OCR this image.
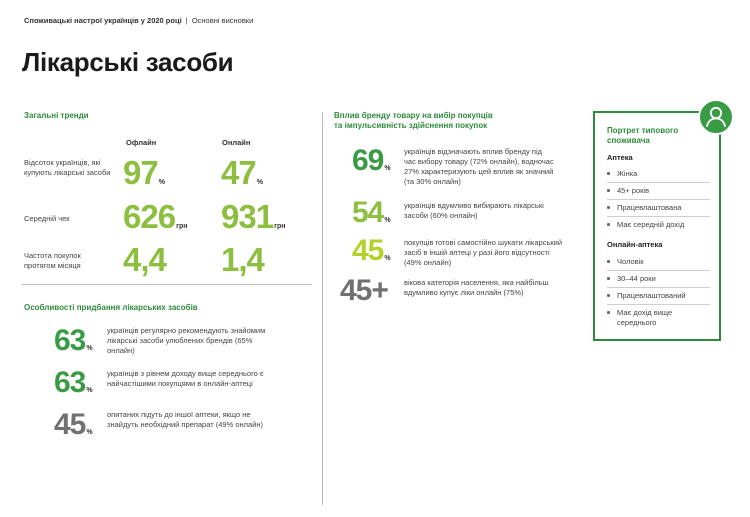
Споживацькі настрої українців у 2020 році | Основні висновки
Лікарські засоби
Загальні тренди
Офлайн	Онлайн
Відсоток українців, які купують лікарські засоби 97% 47%
Середній чек	626грн 931грн
Частота покупок протягом місяця	4,4 1,4
Особливості придбання лікарських засобів
63%
українців регулярно рекомендують знайомим лікарські засоби улюблених брендів (65% онлайн)
63%
українців з рівнем доходу вище середнього є найчастішими покупцями в онлайн-аптеці
45%
опитаних підуть до іншої аптеки, якщо не знайдуть необхідний препарат (49% онлайн)
Вплив бренду товару на вибір покупців
та імпульсивність здійснення покупок
69%
українців відзначають вплив бренду під час вибору товару (72% онлайн), водночас 27% характеризують цей вплив як значний (та 30% онлайн)
54%
українців вдумливо вибирають лікарські засоби (60% онлайн)
45%
покупців готові самостійно шукати лікарський засіб в іншій аптеці у разі його відсутності (49% онлайн)
45+ вікова категорія населення, яка найбільш вдумливо купує ліки онлайн (75%)
Портрет типового споживача
Аптека
Жінка
45+ років
Працевлаштована
Має середній дохід
Онлайн-аптека
Чоловік
30–44 роки
Працевлаштований
Має дохід вище середнього
